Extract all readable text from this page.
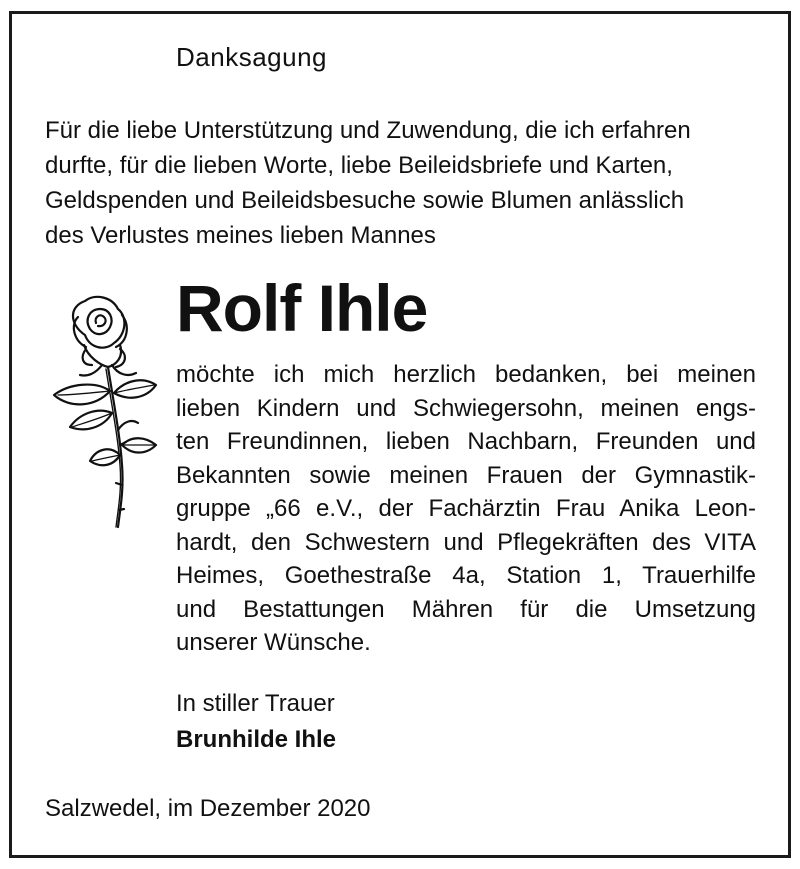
Danksagung
Für die liebe Unterstützung und Zuwendung, die ich erfahren
durfte, für die lieben Worte, liebe Beileidsbriefe und Karten,
Geldspenden und Beileidsbesuche sowie Blumen anlässlich
des Verlustes meines lieben Mannes
Rolf Ihle
möchte ich mich herzlich bedanken, bei meinen
lieben Kindern und Schwiegersohn, meinen engs-
ten Freundinnen, lieben Nachbarn, Freunden und
Bekannten sowie meinen Frauen der Gymnastik-
gruppe „66 e.V., der Fachärztin Frau Anika Leon-
hardt, den Schwestern und Pflegekräften des VITA
Heimes, Goethestraße 4a, Station 1, Trauerhilfe
und Bestattungen Mähren für die Umsetzung
unserer Wünsche.
In stiller Trauer
Brunhilde Ihle
Salzwedel, im Dezember 2020
